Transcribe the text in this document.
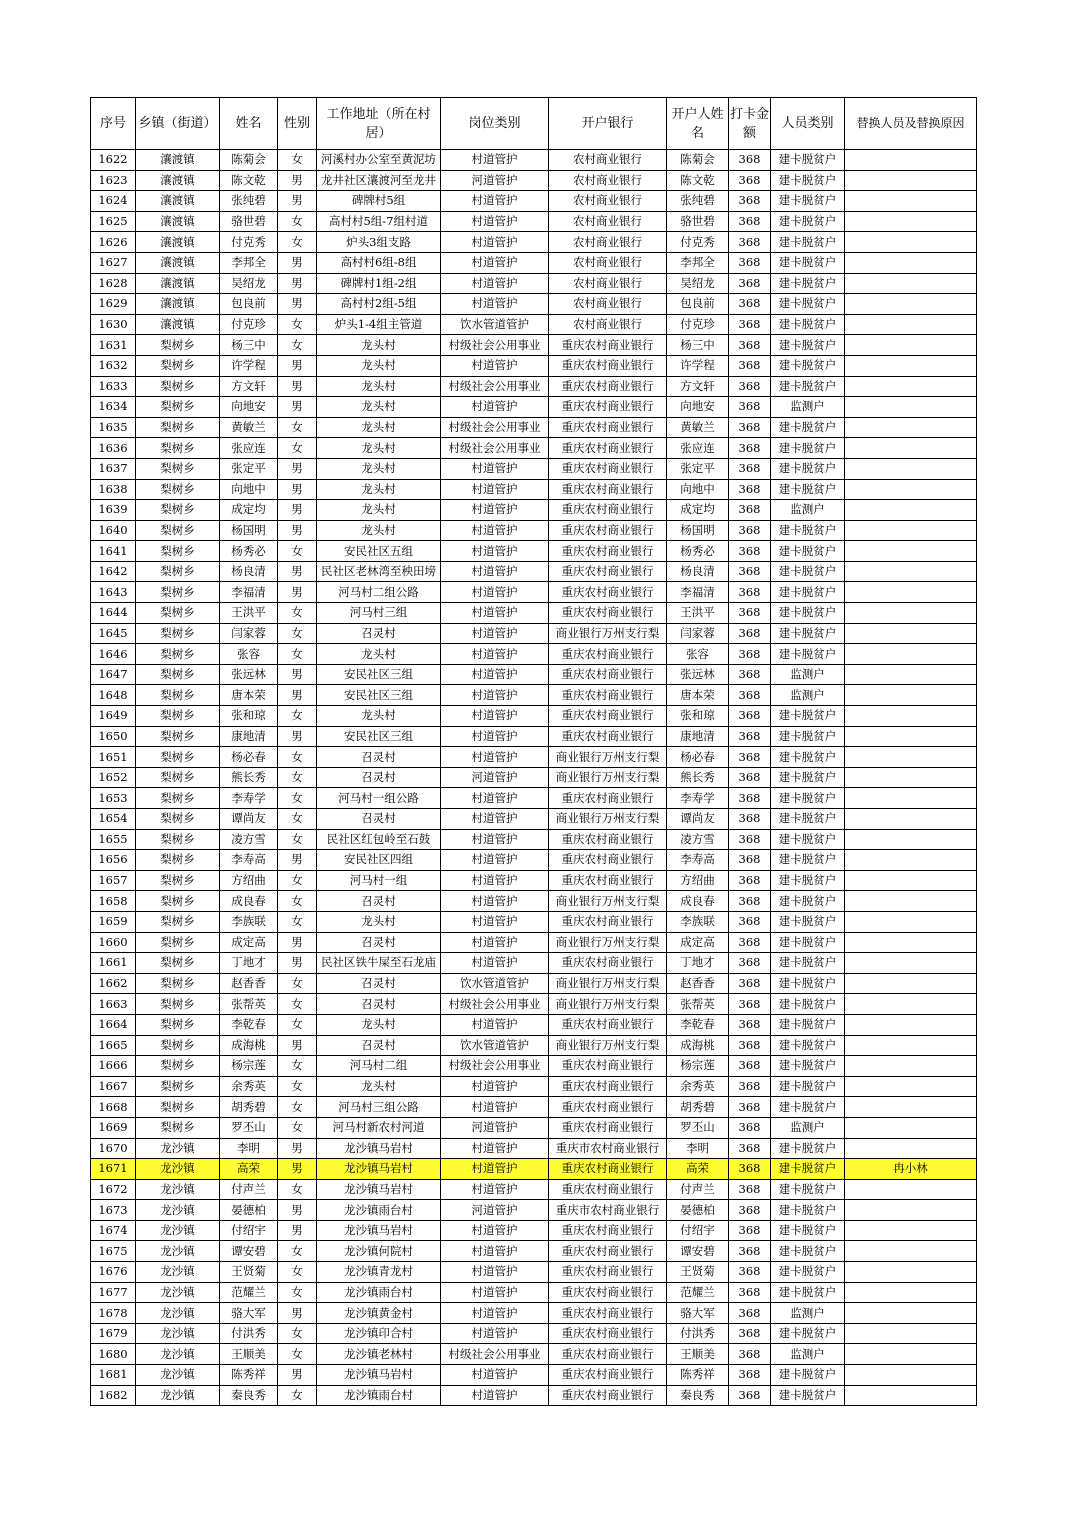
序号	乡镇（街道）	姓名	性别	工作地址（所在村居）	岗位类别	开户银行	开户人姓名	打卡金额	人员类别	替换人员及替换原因
1622	瀼渡镇	陈菊会	女	河溪村办公室至黄泥坊	村道管护	农村商业银行	陈菊会	368	建卡脱贫户	
1623	瀼渡镇	陈文乾	男	龙井社区瀼渡河至龙井	河道管护	农村商业银行	陈文乾	368	建卡脱贫户	
1624	瀼渡镇	张纯碧	男	碑牌村5组	村道管护	农村商业银行	张纯碧	368	建卡脱贫户	
1625	瀼渡镇	骆世碧	女	高村村5组-7组村道	村道管护	农村商业银行	骆世碧	368	建卡脱贫户	
1626	瀼渡镇	付克秀	女	炉头3组支路	村道管护	农村商业银行	付克秀	368	建卡脱贫户	
1627	瀼渡镇	李邦全	男	高村村6组-8组	村道管护	农村商业银行	李邦全	368	建卡脱贫户	
1628	瀼渡镇	吴绍龙	男	碑牌村1组-2组	村道管护	农村商业银行	吴绍龙	368	建卡脱贫户	
1629	瀼渡镇	包良前	男	高村村2组-5组	村道管护	农村商业银行	包良前	368	建卡脱贫户	
1630	瀼渡镇	付克珍	女	炉头1-4组主管道	饮水管道管护	农村商业银行	付克珍	368	建卡脱贫户	
1631	梨树乡	杨三中	女	龙头村	村级社会公用事业	重庆农村商业银行	杨三中	368	建卡脱贫户	
1632	梨树乡	许学程	男	龙头村	村道管护	重庆农村商业银行	许学程	368	建卡脱贫户	
1633	梨树乡	方文轩	男	龙头村	村级社会公用事业	重庆农村商业银行	方文轩	368	建卡脱贫户	
1634	梨树乡	向地安	男	龙头村	村道管护	重庆农村商业银行	向地安	368	监测户	
1635	梨树乡	黄敏兰	女	龙头村	村级社会公用事业	重庆农村商业银行	黄敏兰	368	建卡脱贫户	
1636	梨树乡	张应连	女	龙头村	村级社会公用事业	重庆农村商业银行	张应连	368	建卡脱贫户	
1637	梨树乡	张定平	男	龙头村	村道管护	重庆农村商业银行	张定平	368	建卡脱贫户	
1638	梨树乡	向地中	男	龙头村	村道管护	重庆农村商业银行	向地中	368	建卡脱贫户	
1639	梨树乡	成定均	男	龙头村	村道管护	重庆农村商业银行	成定均	368	监测户	
1640	梨树乡	杨国明	男	龙头村	村道管护	重庆农村商业银行	杨国明	368	建卡脱贫户	
1641	梨树乡	杨秀必	女	安民社区五组	村道管护	重庆农村商业银行	杨秀必	368	建卡脱贫户	
1642	梨树乡	杨良清	男	民社区老林湾至秧田塝	村道管护	重庆农村商业银行	杨良清	368	建卡脱贫户	
1643	梨树乡	李福清	男	河马村二组公路	村道管护	重庆农村商业银行	李福清	368	建卡脱贫户	
1644	梨树乡	王洪平	女	河马村三组	村道管护	重庆农村商业银行	王洪平	368	建卡脱贫户	
1645	梨树乡	闫家蓉	女	召灵村	村道管护	商业银行万州支行梨	闫家蓉	368	建卡脱贫户	
1646	梨树乡	张容	女	龙头村	村道管护	重庆农村商业银行	张容	368	建卡脱贫户	
1647	梨树乡	张远林	男	安民社区三组	村道管护	重庆农村商业银行	张远林	368	监测户	
1648	梨树乡	唐本荣	男	安民社区三组	村道管护	重庆农村商业银行	唐本荣	368	监测户	
1649	梨树乡	张和琼	女	龙头村	村道管护	重庆农村商业银行	张和琼	368	建卡脱贫户	
1650	梨树乡	康地清	男	安民社区三组	村道管护	重庆农村商业银行	康地清	368	建卡脱贫户	
1651	梨树乡	杨必春	女	召灵村	村道管护	商业银行万州支行梨	杨必春	368	建卡脱贫户	
1652	梨树乡	熊长秀	女	召灵村	河道管护	商业银行万州支行梨	熊长秀	368	建卡脱贫户	
1653	梨树乡	李寿学	女	河马村一组公路	村道管护	重庆农村商业银行	李寿学	368	建卡脱贫户	
1654	梨树乡	谭尚友	女	召灵村	村道管护	商业银行万州支行梨	谭尚友	368	建卡脱贫户	
1655	梨树乡	凌方雪	女	民社区红包岭至石鼓	村道管护	重庆农村商业银行	凌方雪	368	建卡脱贫户	
1656	梨树乡	李寿高	男	安民社区四组	村道管护	重庆农村商业银行	李寿高	368	建卡脱贫户	
1657	梨树乡	方绍曲	女	河马村一组	村道管护	重庆农村商业银行	方绍曲	368	建卡脱贫户	
1658	梨树乡	成良春	女	召灵村	村道管护	商业银行万州支行梨	成良春	368	建卡脱贫户	
1659	梨树乡	李族联	女	龙头村	村道管护	重庆农村商业银行	李族联	368	建卡脱贫户	
1660	梨树乡	成定高	男	召灵村	村道管护	商业银行万州支行梨	成定高	368	建卡脱贫户	
1661	梨树乡	丁地才	男	民社区铁牛屎至石龙庙	村道管护	重庆农村商业银行	丁地才	368	建卡脱贫户	
1662	梨树乡	赵香香	女	召灵村	饮水管道管护	商业银行万州支行梨	赵香香	368	建卡脱贫户	
1663	梨树乡	张帮英	女	召灵村	村级社会公用事业	商业银行万州支行梨	张帮英	368	建卡脱贫户	
1664	梨树乡	李乾春	女	龙头村	村道管护	重庆农村商业银行	李乾春	368	建卡脱贫户	
1665	梨树乡	成海桃	男	召灵村	饮水管道管护	商业银行万州支行梨	成海桃	368	建卡脱贫户	
1666	梨树乡	杨宗莲	女	河马村二组	村级社会公用事业	重庆农村商业银行	杨宗莲	368	建卡脱贫户	
1667	梨树乡	余秀英	女	龙头村	村道管护	重庆农村商业银行	余秀英	368	建卡脱贫户	
1668	梨树乡	胡秀碧	女	河马村三组公路	村道管护	重庆农村商业银行	胡秀碧	368	建卡脱贫户	
1669	梨树乡	罗丕山	女	河马村新农村河道	河道管护	重庆农村商业银行	罗丕山	368	监测户	
1670	龙沙镇	李明	男	龙沙镇马岩村	村道管护	重庆市农村商业银行	李明	368	建卡脱贫户	
1671	龙沙镇	高荣	男	龙沙镇马岩村	村道管护	重庆农村商业银行	高荣	368	建卡脱贫户	冉小林
1672	龙沙镇	付声兰	女	龙沙镇马岩村	村道管护	重庆农村商业银行	付声兰	368	建卡脱贫户	
1673	龙沙镇	晏德柏	男	龙沙镇雨台村	河道管护	重庆市农村商业银行	晏德柏	368	建卡脱贫户	
1674	龙沙镇	付绍宇	男	龙沙镇马岩村	村道管护	重庆农村商业银行	付绍宇	368	建卡脱贫户	
1675	龙沙镇	谭安碧	女	龙沙镇何院村	村道管护	重庆农村商业银行	谭安碧	368	建卡脱贫户	
1676	龙沙镇	王贤菊	女	龙沙镇青龙村	村道管护	重庆农村商业银行	王贤菊	368	建卡脱贫户	
1677	龙沙镇	范耀兰	女	龙沙镇雨台村	村道管护	重庆农村商业银行	范耀兰	368	建卡脱贫户	
1678	龙沙镇	骆大军	男	龙沙镇黄金村	村道管护	重庆农村商业银行	骆大军	368	监测户	
1679	龙沙镇	付洪秀	女	龙沙镇印合村	村道管护	重庆农村商业银行	付洪秀	368	建卡脱贫户	
1680	龙沙镇	王顺美	女	龙沙镇老林村	村级社会公用事业	重庆农村商业银行	王顺美	368	监测户	
1681	龙沙镇	陈秀祥	男	龙沙镇马岩村	村道管护	重庆农村商业银行	陈秀祥	368	建卡脱贫户	
1682	龙沙镇	秦良秀	女	龙沙镇雨台村	村道管护	重庆农村商业银行	秦良秀	368	建卡脱贫户	
